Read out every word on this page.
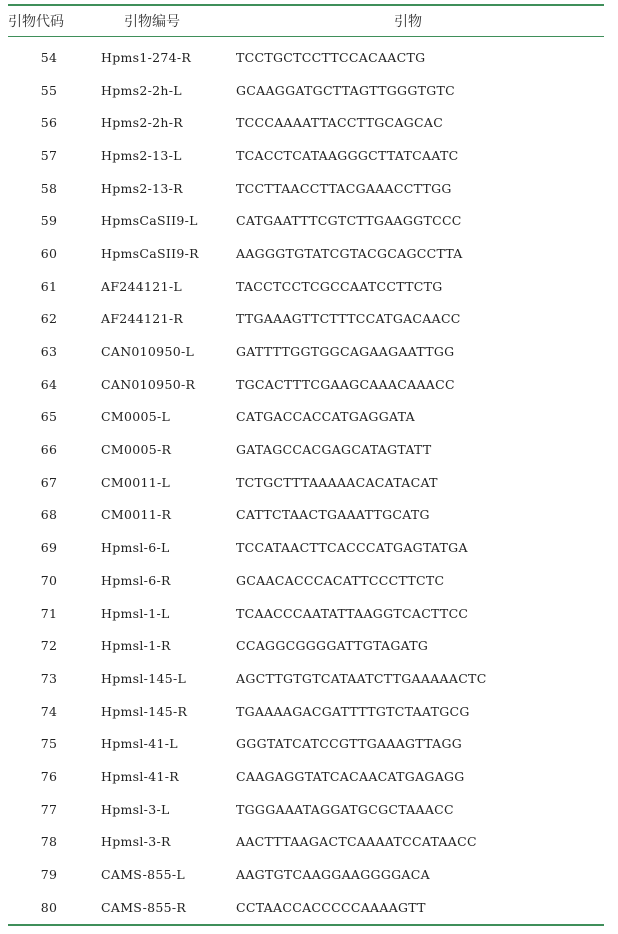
引物代码	引物编号	引物
54	Hpms1-274-R	TCCTGCTCCTTCCACAACTG
55	Hpms2-2h-L	GCAAGGATGCTTAGTTGGGTGTC
56	Hpms2-2h-R	TCCCAAAATTACCTTGCAGCAC
57	Hpms2-13-L	TCACCTCATAAGGGCTTATCAATC
58	Hpms2-13-R	TCCTTAACCTTACGAAACCTTGG
59	HpmsCaSII9-L	CATGAATTTCGTCTTGAAGGTCCC
60	HpmsCaSII9-R	AAGGGTGTATCGTACGCAGCCTTA
61	AF244121-L	TACCTCCTCGCCAATCCTTCTG
62	AF244121-R	TTGAAAGTTCTTTCCATGACAACC
63	CAN010950-L	GATTTTGGTGGCAGAAGAATTGG
64	CAN010950-R	TGCACTTTCGAAGCAAACAAACC
65	CM0005-L	CATGACCACCATGAGGATA
66	CM0005-R	GATAGCCACGAGCATAGTATT
67	CM0011-L	TCTGCTTTAAAAACACATACAT
68	CM0011-R	CATTCTAACTGAAATTGCATG
69	Hpmsl-6-L	TCCATAACTTCACCCATGAGTATGA
70	Hpmsl-6-R	GCAACACCCACATTCCCTTCTC
71	Hpmsl-1-L	TCAACCCAATATTAAGGTCACTTCC
72	Hpmsl-1-R	CCAGGCGGGGATTGTAGATG
73	Hpmsl-145-L	AGCTTGTGTCATAATCTTGAAAAACTC
74	Hpmsl-145-R	TGAAAAGACGATTTTGTCTAATGCG
75	Hpmsl-41-L	GGGTATCATCCGTTGAAAGTTAGG
76	Hpmsl-41-R	CAAGAGGTATCACAACATGAGAGG
77	Hpmsl-3-L	TGGGAAATAGGATGCGCTAAACC
78	Hpmsl-3-R	AACTTTAAGACTCAAAATCCATAACC
79	CAMS-855-L	AAGTGTCAAGGAAGGGGACA
80	CAMS-855-R	CCTAACCACCCCCAAAAGTT
